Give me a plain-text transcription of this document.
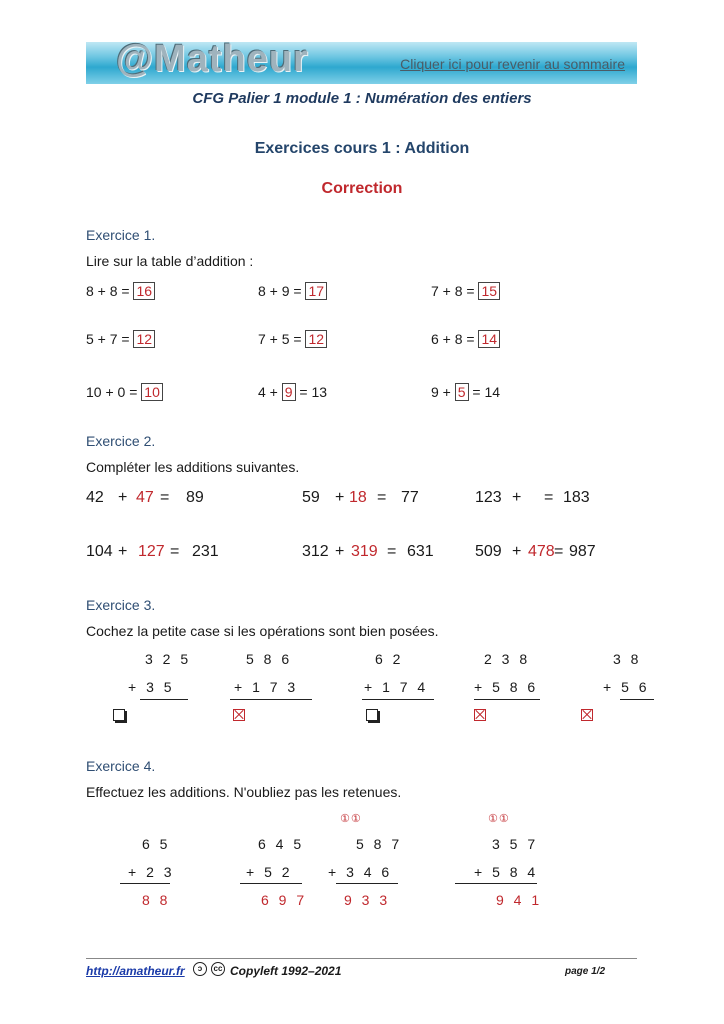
@Matheur	Cliquer ici pour revenir au sommaire
CFG Palier 1 module 1 : Numération des entiers
Exercices cours 1 : Addition
Correction
Exercice 1.
Lire sur la table d’addition :
8 + 8 = 16	8 + 9 = 17	7 + 8 = 15
5 + 7 = 12	7 + 5 = 12	6 + 8 = 14
10 + 0 = 10	4 + 9 = 13	9 + 5 = 14
Exercice 2.
Compléter les additions suivantes.
42 + 47 = 89	59 + 18 = 77	123 + = 183
104 + 127 = 231	312 + 319 = 631	509 + 478 = 987
Exercice 3.
Cochez la petite case si les opérations sont bien posées.
3 2 5
+ 3 5
5 8 6
+ 1 7 3
6 2
+ 1 7 4
2 3 8
+ 5 8 6
3 8
+ 5 6
Exercice 4.
Effectuez les additions. N'oubliez pas les retenues.
6 5
+ 2 3
8 8
6 4 5
+ 5 2
6 9 7
①①
5 8 7
+ 3 4 6
9 3 3
①①
3 5 7
+ 5 8 4
9 4 1
http://amatheur.fr	ↄ	cc Copyleft 1992–2021	page 1/2
